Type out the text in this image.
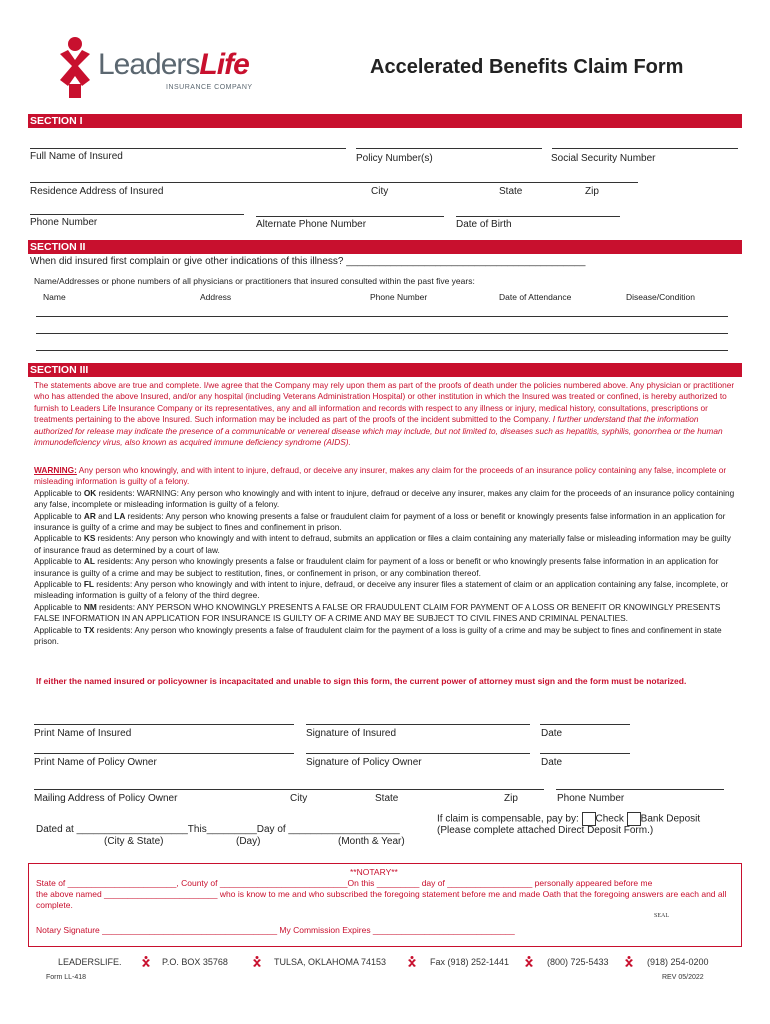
LeadersLife
INSURANCE COMPANY
Accelerated Benefits Claim Form
SECTION I
Full Name of Insured	Policy Number(s)	Social Security Number
Residence Address of Insured	City	State	Zip
Phone Number	Alternate Phone Number	Date of Birth
SECTION II
When did insured first complain or give other indications of this illness? ___________________________________________
Name/Addresses or phone numbers of all physicians or practitioners that insured consulted within the past five years:
Name	Address	Phone Number	Date of Attendance	Disease/Condition
SECTION III
The statements above are true and complete. I/we agree that the Company may rely upon them as part of the proofs of death under the policies numbered above. Any physician or practitioner who has attended the above Insured, and/or any hospital (including Veterans Administration Hospital) or other institution in which the Insured was treated or confined, is hereby authorized to furnish to Leaders Life Insurance Company or its representatives, any and all information and records with respect to any illness or injury, medical history, consultations, prescriptions or treatments pertaining to the above Insured. Such information may be included as part of the proofs of the incident submitted to the Company. I further understand that the information authorized for release may indicate the presence of a communicable or venereal disease which may include, but not limited to, diseases such as hepatitis, syphilis, gonorrhea or the human immunodeficiency virus, also known as acquired immune deficiency syndrome (AIDS).
WARNING: Any person who knowingly, and with intent to injure, defraud, or deceive any insurer, makes any claim for the proceeds of an insurance policy containing any false, incomplete or misleading information is guilty of a felony.
Applicable to OK residents: WARNING: Any person who knowingly and with intent to injure, defraud or deceive any insurer, makes any claim for the proceeds of an insurance policy containing any false, incomplete or misleading information is guilty of a felony.
Applicable to AR and LA residents: Any person who knowing presents a false or fraudulent claim for payment of a loss or benefit or knowingly presents false information in an application for insurance is guilty of a crime and may be subject to fines and confinement in prison.
Applicable to KS residents: Any person who knowingly and with intent to defraud, submits an application or files a claim containing any materially false or misleading information may be guilty of insurance fraud as determined by a court of law.
Applicable to AL residents: Any person who knowingly presents a false or fraudulent claim for payment of a loss or benefit or who knowingly presents false information in an application for insurance is guilty of a crime and may be subject to restitution, fines, or confinement in prison, or any combination thereof.
Applicable to FL residents: Any person who knowingly and with intent to injure, defraud, or deceive any insurer files a statement of claim or an application containing any false, incomplete, or misleading information is guilty of a felony of the third degree.
Applicable to NM residents: ANY PERSON WHO KNOWINGLY PRESENTS A FALSE OR FRAUDULENT CLAIM FOR PAYMENT OF A LOSS OR BENEFIT OR KNOWINGLY PRESENTS FALSE INFORMATION IN AN APPLICATION FOR INSURANCE IS GUILTY OF A CRIME AND MAY BE SUBJECT TO CIVIL FINES AND CRIMINAL PENALTIES.
Applicable to TX residents: Any person who knowingly presents a false of fraudulent claim for the payment of a loss is guilty of a crime and may be subject to fines and confinement in state prison.
If either the named insured or policyowner is incapacitated and unable to sign this form, the current power of attorney must sign and the form must be notarized.
Print Name of Insured	Signature of Insured	Date
Print Name of Policy Owner	Signature of Policy Owner	Date
Mailing Address of Policy Owner	City	State	Zip	Phone Number
If claim is compensable, pay by: Check Bank Deposit
(Please complete attached Direct Deposit Form.)
Dated at ____________________This_________Day of ____________________
(City & State)	(Day)	(Month & Year)
**NOTARY**
State of _______________________, County of ___________________________On this _________ day of __________________ personally appeared before me
the above named ________________________ who is know to me and who subscribed the foregoing statement before me and made Oath that the foregoing answers are each and all complete.
SEAL
Notary Signature _____________________________________ My Commission Expires ______________________________
LEADERSLIFE.	P.O. BOX 35768	TULSA, OKLAHOMA 74153	Fax (918) 252-1441	(800) 725-5433	(918) 254-0200
Form LL-418	REV 05/2022
